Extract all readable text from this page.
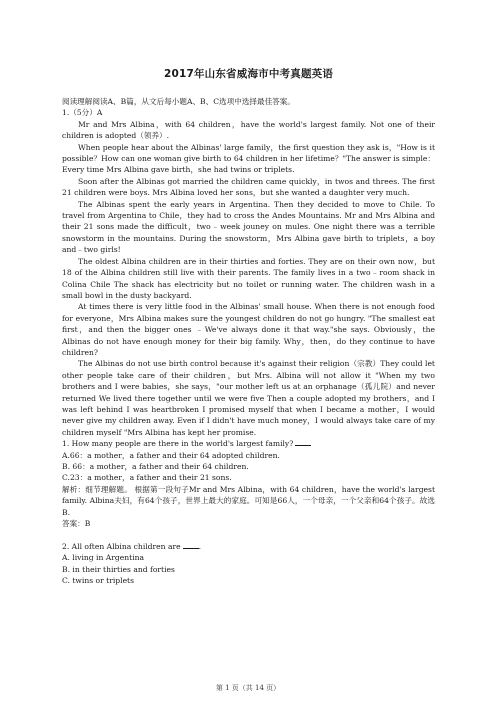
2017年山东省威海市中考真题英语

阅读理解阅读A、B篇，从文后每小题A、B、C选项中选择最佳答案。

1.（5分）A

Mr and Mrs Albina，with 64 children，have the world's largest family. Not one of their children is adopted（领养）.

When people hear about the Albinas' large family，the first question they ask is，"How is it possible？How can one woman give birth to 64 children in her lifetime？"The answer is simple：Every time Mrs Albina gave birth，she had twins or triplets.

Soon after the Albinas got married the children came quickly，in twos and threes. The first 21 children were boys. Mrs Albina loved her sons，but she wanted a daughter very much.

The Albinas spent the early years in Argentina. Then they decided to move to Chile. To travel from Argentina to Chile，they had to cross the Andes Mountains. Mr and Mrs Albina and their 21 sons made the difficult，two﹣week jouney on mules. One night there was a terrible snowstorm in the mountains. During the snowstorm，Mrs Albina gave birth to triplets，a boy and﹣two girls!

The oldest Albina children are in their thirties and forties. They are on their own now，but 18 of the Albina children still live with their parents. The family lives in a two﹣room shack in Colina Chile The shack has electricity but no toilet or running water. The children wash in a small bowl in the dusty backyard.

At times there is very little food in the Albinas' small house. When there is not enough food for everyone，Mrs Albina makes sure the youngest children do not go hungry. "The smallest eat first，and then the bigger ones ﹣We've always done it that way."she says. Obviously，the Albinas do not have enough money for their big family. Why，then，do they continue to have children?

The Albinas do not use birth control because it's against their religion（宗教）They could let other people take care of their children，but Mrs. Albina will not allow it "When my two brothers and I were babies，she says，"our mother left us at an orphanage（孤儿院）and never returned We lived there together until we were five Then a couple adopted my brothers，and I was left behind I was heartbroken I promised myself that when I became a mother，I would never give my children away. Even if I didn't have much money，I would always take care of my children myself "Mrs Albina has kept her promise.

1. How many people are there in the world's largest family?

A.66：a mother，a father and their 64 adopted children.

B. 66：a mother，a father and their 64 children.

C.23：a mother，a father and their 21 sons.

解析：细节理解题。 根据第一段句子Mr and Mrs Albina，with 64 children，have the world's largest family. Albina夫妇，有64个孩子，世界上最大的家庭。可知是66人，一个母亲，一个父亲和64个孩子。故选B.

答案：B

2. All often Albina children are .

A. living in Argentina

B. in their thirties and forties

C. twins or triplets

第 1 页（共 14 页）
